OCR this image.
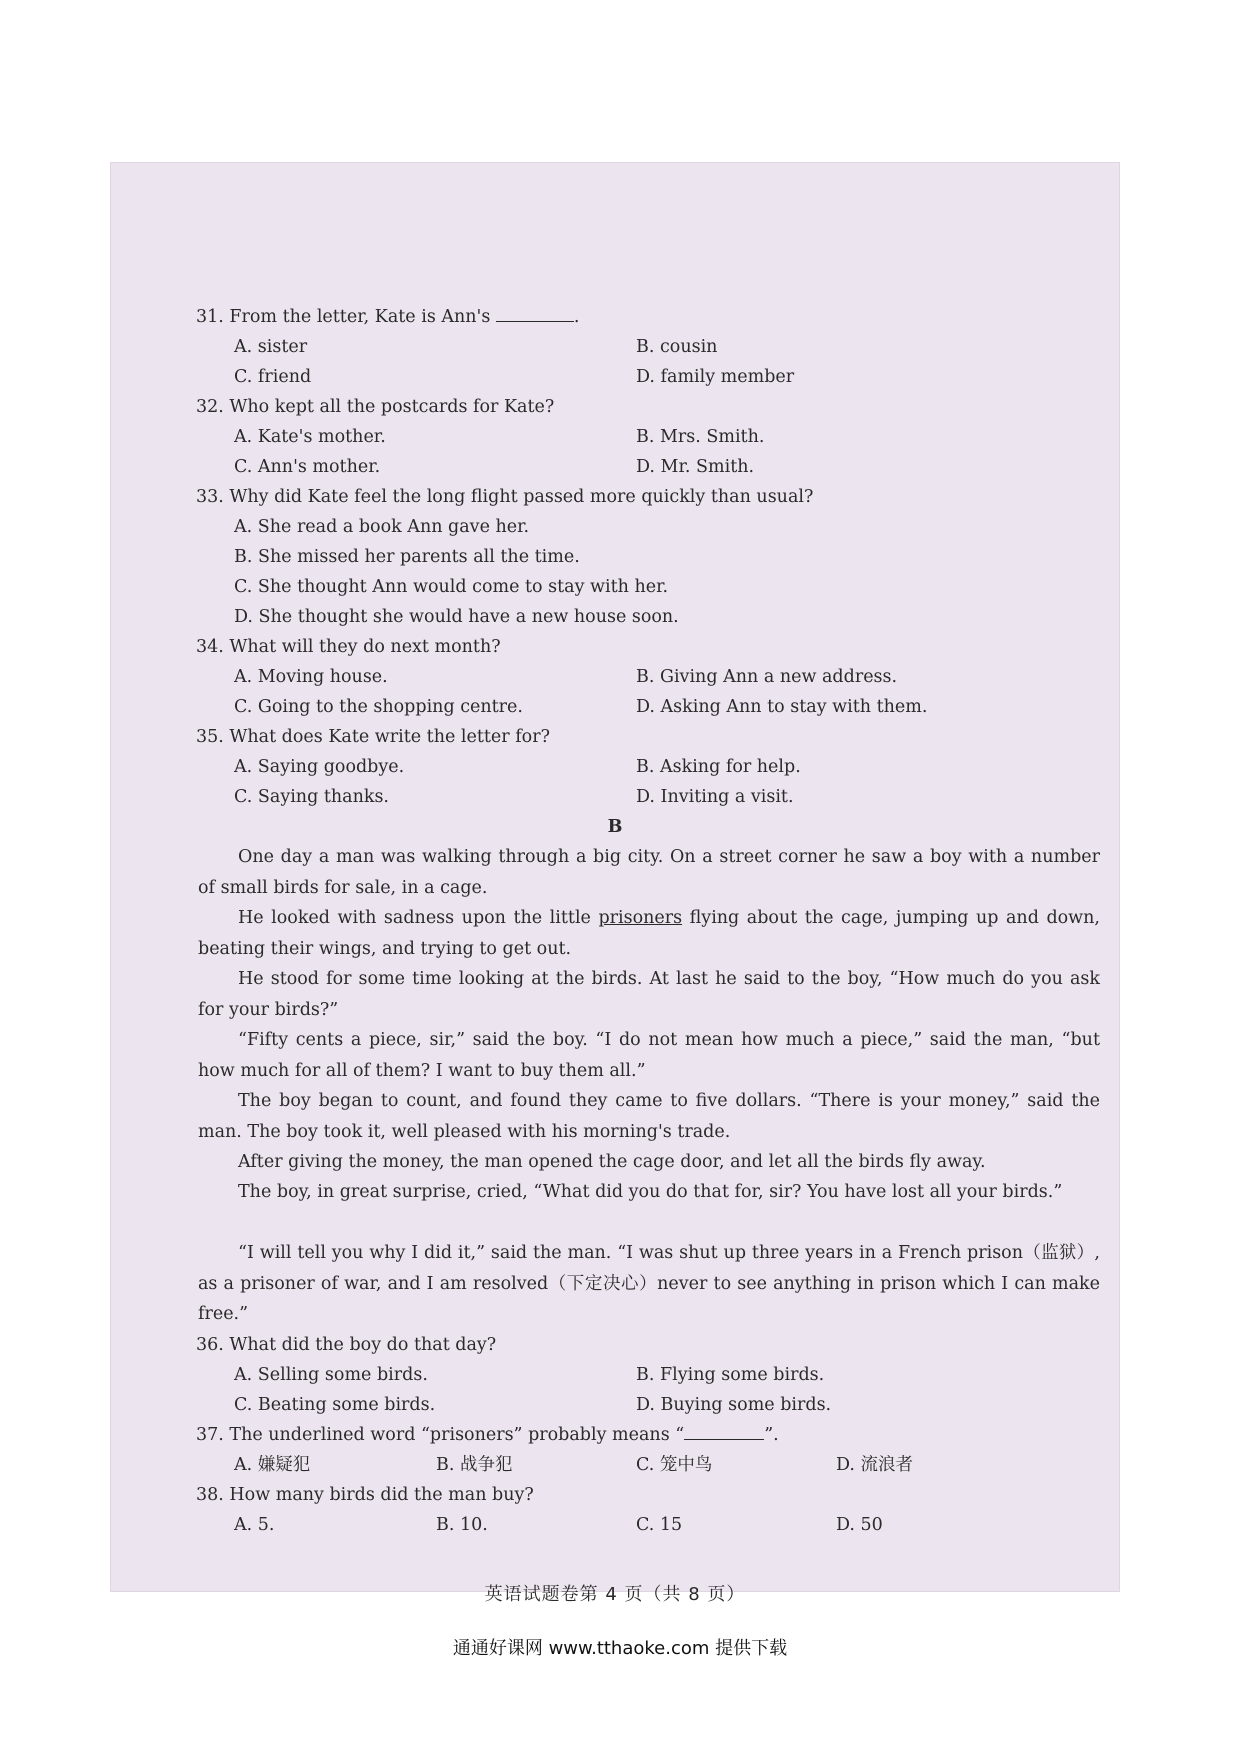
31. From the letter, Kate is Ann's	.
A. sister	B. cousin
C. friend	D. family member
32. Who kept all the postcards for Kate?
A. Kate's mother.	B. Mrs. Smith.
C. Ann's mother.	D. Mr. Smith.
33. Why did Kate feel the long flight passed more quickly than usual?
A. She read a book Ann gave her.
B. She missed her parents all the time.
C. She thought Ann would come to stay with her.
D. She thought she would have a new house soon.
34. What will they do next month?
A. Moving house.	B. Giving Ann a new address.
C. Going to the shopping centre.	D. Asking Ann to stay with them.
35. What does Kate write the letter for?
A. Saying goodbye.	B. Asking for help.
C. Saying thanks.	D. Inviting a visit.
B
One day a man was walking through a big city. On a street corner he saw a boy with a number of small birds for sale, in a cage.
He looked with sadness upon the little prisoners flying about the cage, jumping up and down, beating their wings, and trying to get out.
He stood for some time looking at the birds. At last he said to the boy, “How much do you ask for your birds?”
“Fifty cents a piece, sir,” said the boy. “I do not mean how much a piece,” said the man, “but how much for all of them? I want to buy them all.”
The boy began to count, and found they came to five dollars. “There is your money,” said the man. The boy took it, well pleased with his morning's trade.
After giving the money, the man opened the cage door, and let all the birds fly away.
The boy, in great surprise, cried, “What did you do that for, sir? You have lost all your birds.”
“I will tell you why I did it,” said the man. “I was shut up three years in a French prison（监狱）, as a prisoner of war, and I am resolved（下定决心）never to see anything in prison which I can make free.”
36. What did the boy do that day?
A. Selling some birds.	B. Flying some birds.
C. Beating some birds.	D. Buying some birds.
37. The underlined word “prisoners” probably means “	”.
A. 嫌疑犯	B. 战争犯	C. 笼中鸟	D. 流浪者
38. How many birds did the man buy?
A. 5.	B. 10.	C. 15	D. 50
英语试题卷第 4 页（共 8 页）
通通好课网 www.tthaoke.com 提供下载
